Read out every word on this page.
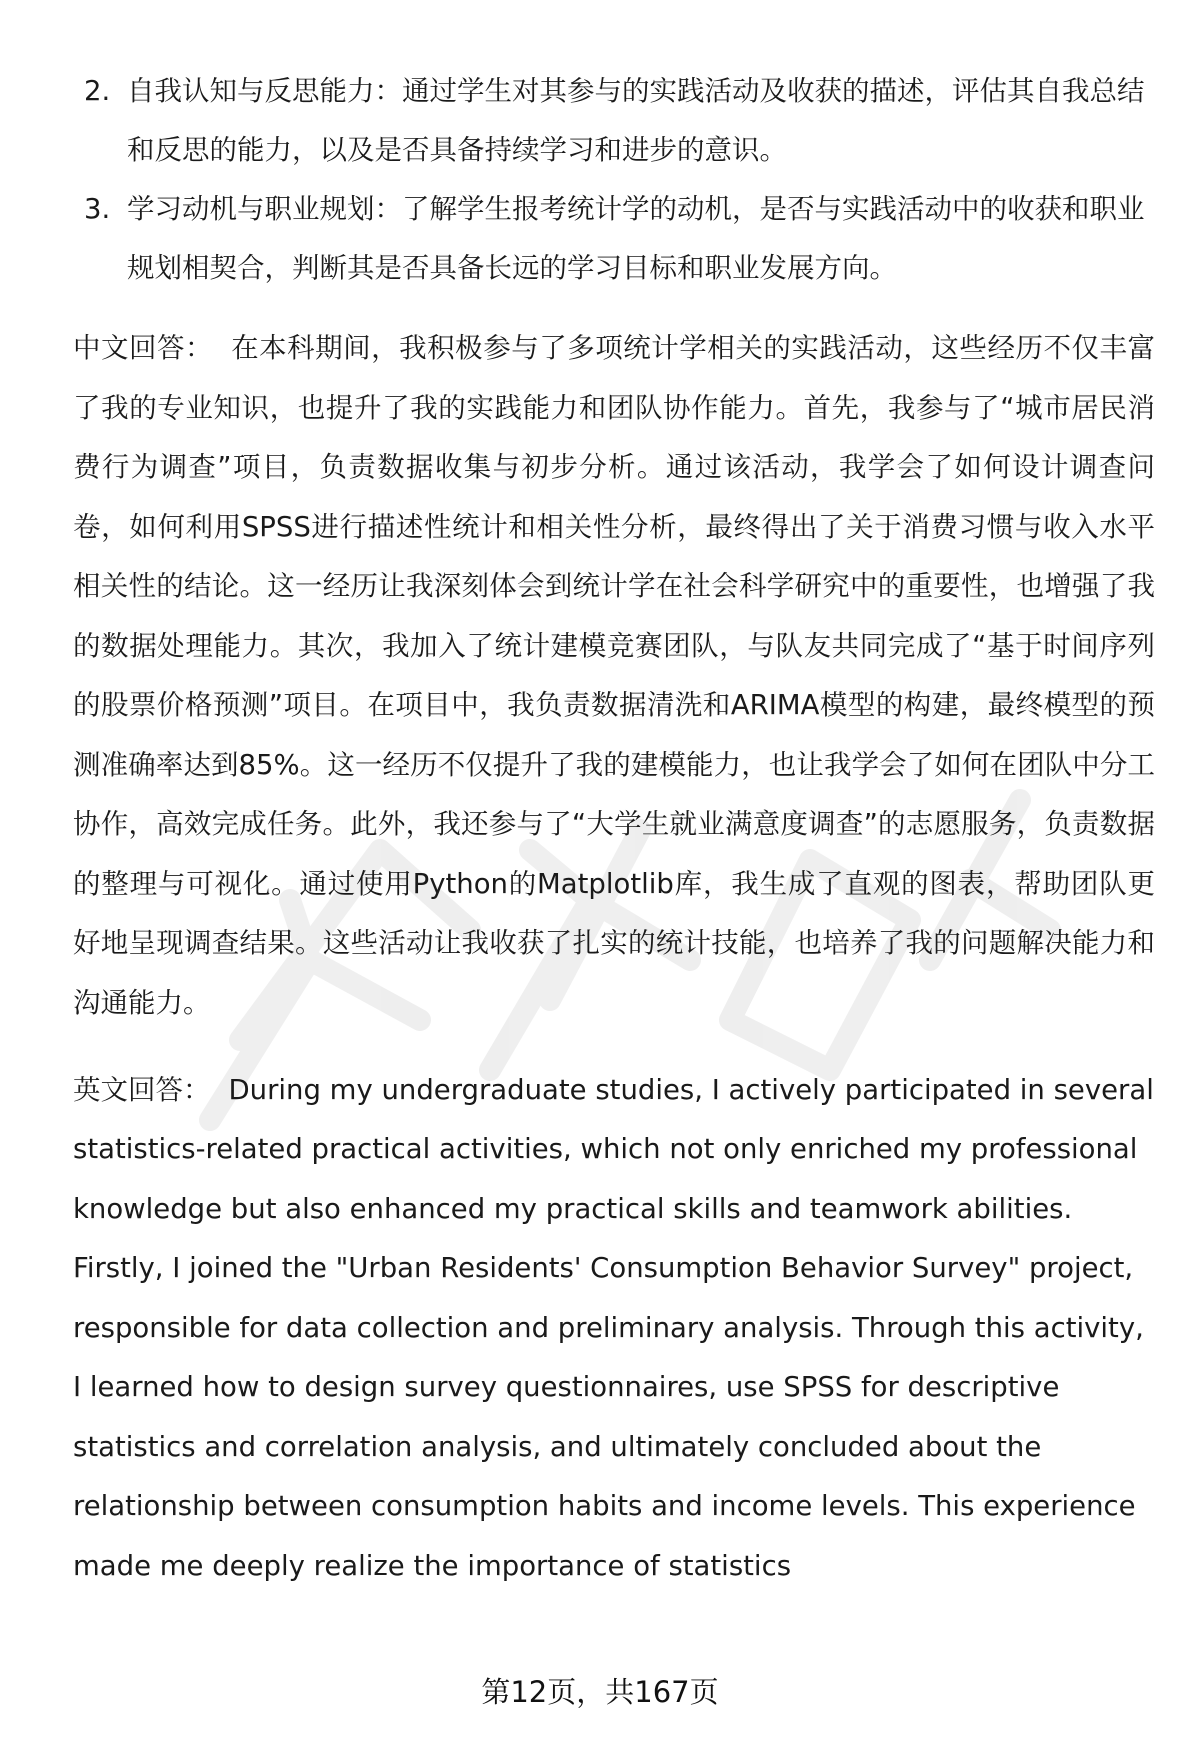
2. 自我认知与反思能力：通过学生对其参与的实践活动及收获的描述，评估其自我总结和反思的能力，以及是否具备持续学习和进步的意识。
3. 学习动机与职业规划：了解学生报考统计学的动机，是否与实践活动中的收获和职业规划相契合，判断其是否具备长远的学习目标和职业发展方向。

中文回答： 在本科期间，我积极参与了多项统计学相关的实践活动，这些经历不仅丰富了我的专业知识，也提升了我的实践能力和团队协作能力。首先，我参与了“城市居民消费行为调查”项目，负责数据收集与初步分析。通过该活动，我学会了如何设计调查问卷，如何利用SPSS进行描述性统计和相关性分析，最终得出了关于消费习惯与收入水平相关性的结论。这一经历让我深刻体会到统计学在社会科学研究中的重要性，也增强了我的数据处理能力。其次，我加入了统计建模竞赛团队，与队友共同完成了“基于时间序列的股票价格预测”项目。在项目中，我负责数据清洗和ARIMA模型的构建，最终模型的预测准确率达到85%。这一经历不仅提升了我的建模能力，也让我学会了如何在团队中分工协作，高效完成任务。此外，我还参与了“大学生就业满意度调查”的志愿服务，负责数据的整理与可视化。通过使用Python的Matplotlib库，我生成了直观的图表，帮助团队更好地呈现调查结果。这些活动让我收获了扎实的统计技能，也培养了我的问题解决能力和沟通能力。

英文回答： During my undergraduate studies, I actively participated in several statistics-related practical activities, which not only enriched my professional knowledge but also enhanced my practical skills and teamwork abilities. Firstly, I joined the "Urban Residents' Consumption Behavior Survey" project, responsible for data collection and preliminary analysis. Through this activity, I learned how to design survey questionnaires, use SPSS for descriptive statistics and correlation analysis, and ultimately concluded about the relationship between consumption habits and income levels. This experience made me deeply realize the importance of statistics

第12页，共167页
